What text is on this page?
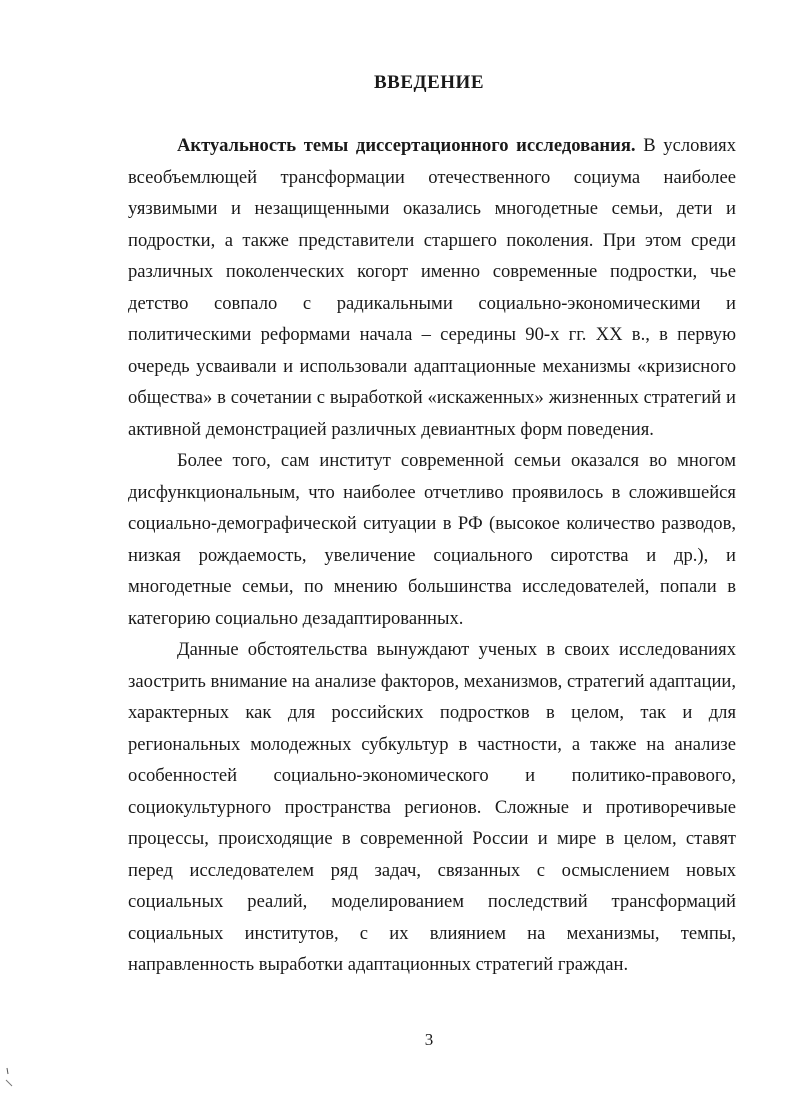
ВВЕДЕНИЕ

Актуальность темы диссертационного исследования. В условиях всеобъемлющей трансформации отечественного социума наиболее уязвимыми и незащищенными оказались многодетные семьи, дети и подростки, а также представители старшего поколения. При этом среди различных поколенческих когорт именно современные подростки, чье детство совпало с радикальными социально-экономическими и политическими реформами начала – середины 90-х гг. XX в., в первую очередь усваивали и использовали адаптационные механизмы «кризисного общества» в сочетании с выработкой «искаженных» жизненных стратегий и активной демонстрацией различных девиантных форм поведения.

Более того, сам институт современной семьи оказался во многом дисфункциональным, что наиболее отчетливо проявилось в сложившейся социально-демографической ситуации в РФ (высокое количество разводов, низкая рождаемость, увеличение социального сиротства и др.), и многодетные семьи, по мнению большинства исследователей, попали в категорию социально дезадаптированных.

Данные обстоятельства вынуждают ученых в своих исследованиях заострить внимание на анализе факторов, механизмов, стратегий адаптации, характерных как для российских подростков в целом, так и для региональных молодежных субкультур в частности, а также на анализе особенностей социально-экономического и политико-правового, социокультурного пространства регионов. Сложные и противоречивые процессы, происходящие в современной России и мире в целом, ставят перед исследователем ряд задач, связанных с осмыслением новых социальных реалий, моделированием последствий трансформаций социальных институтов, с их влиянием на механизмы, темпы, направленность выработки адаптационных стратегий граждан.

3
